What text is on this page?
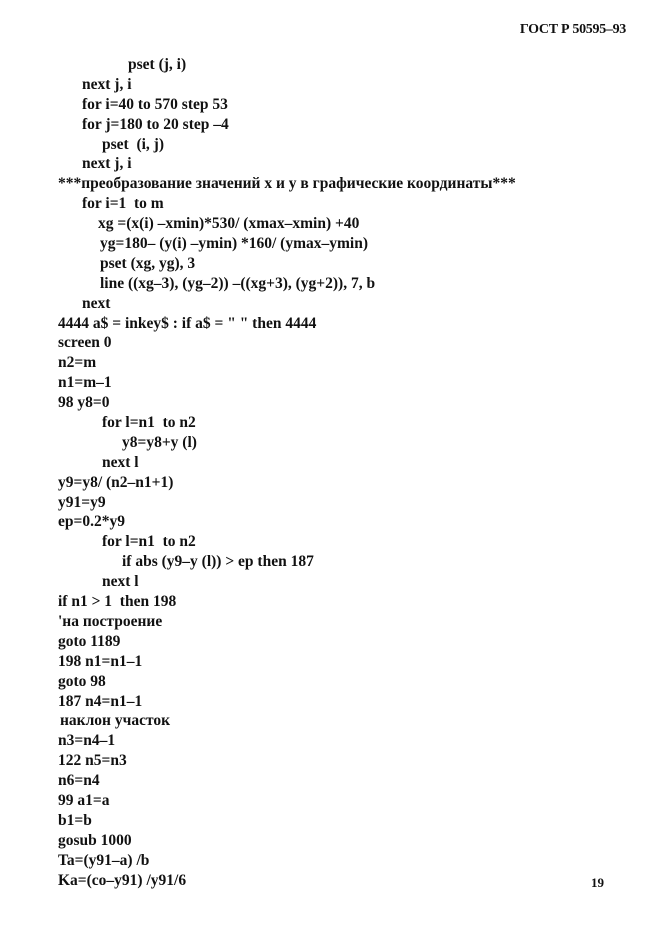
ГОСТ Р 50595–93
pset (j, i)
next j, i
for i=40 to 570 step 53
for j=180 to 20 step –4
pset  (i, j)
next j, i
***преобразование значений x и y в графические координаты***
for i=1  to m
xg =(x(i) –xmin)*530/ (xmax–xmin) +40
yg=180– (y(i) –ymin) *160/ (ymax–ymin)
pset (xg, yg), 3
line ((xg–3), (yg–2)) –((xg+3), (yg+2)), 7, b
next
4444 a$ = inkey$ : if a$ = " " then 4444
screen 0
n2=m
n1=m–1
98 y8=0
for l=n1  to n2
y8=y8+y (l)
next l
y9=y8/ (n2–n1+1)
y91=y9
ep=0.2*y9
for l=n1  to n2
if abs (y9–y (l)) > ep then 187
next l
if n1 > 1  then 198
'на построение
goto 1189
198 n1=n1–1
goto 98
187 n4=n1–1
наклон участок
n3=n4–1
122 n5=n3
n6=n4
99 a1=a
b1=b
gosub 1000
Ta=(y91–a) /b
Ka=(co–y91) /y91/6	19
